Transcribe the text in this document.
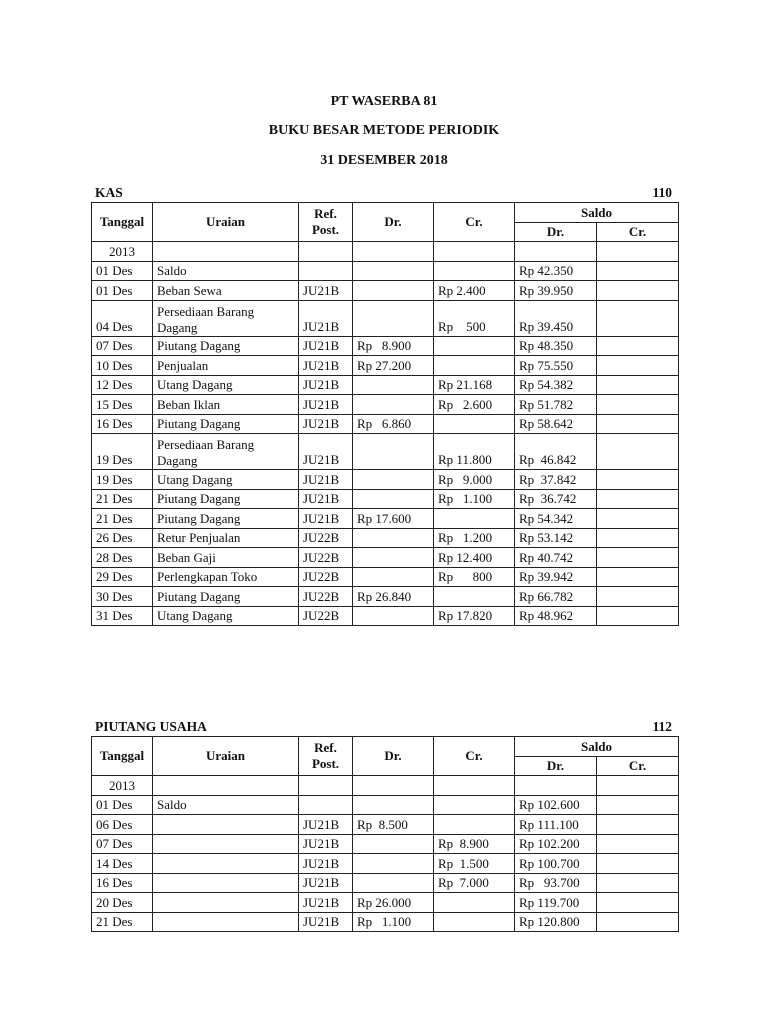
PT WASERBA 81
BUKU BESAR METODE PERIODIK
31 DESEMBER 2018
KAS	110
Tanggal	Uraian	Ref. Post.	Dr.	Cr.	Saldo	
					Dr.	Cr.
2013						
01 Des	Saldo				Rp 42.350	
01 Des	Beban Sewa	JU21B		Rp 2.400	Rp 39.950	
04 Des	Persediaan Barang Dagang	JU21B		Rp    500	Rp 39.450	
07 Des	Piutang Dagang	JU21B	Rp   8.900		Rp 48.350	
10 Des	Penjualan	JU21B	Rp 27.200		Rp 75.550	
12 Des	Utang Dagang	JU21B		Rp 21.168	Rp 54.382	
15 Des	Beban Iklan	JU21B		Rp   2.600	Rp 51.782	
16 Des	Piutang Dagang	JU21B	Rp   6.860		Rp 58.642	
19 Des	Persediaan Barang Dagang	JU21B		Rp 11.800	Rp  46.842	
19 Des	Utang Dagang	JU21B		Rp   9.000	Rp  37.842	
21 Des	Piutang Dagang	JU21B		Rp   1.100	Rp  36.742	
21 Des	Piutang Dagang	JU21B	Rp 17.600		Rp 54.342	
26 Des	Retur Penjualan	JU22B		Rp   1.200	Rp 53.142	
28 Des	Beban Gaji	JU22B		Rp 12.400	Rp 40.742	
29 Des	Perlengkapan Toko	JU22B		Rp      800	Rp 39.942	
30 Des	Piutang Dagang	JU22B	Rp 26.840		Rp 66.782	
31 Des	Utang Dagang	JU22B		Rp 17.820	Rp 48.962	
PIUTANG USAHA	112
Tanggal	Uraian	Ref. Post.	Dr.	Cr.	Saldo	
					Dr.	Cr.
2013						
01 Des	Saldo				Rp 102.600	
06 Des		JU21B	Rp  8.500		Rp 111.100	
07 Des		JU21B		Rp  8.900	Rp 102.200	
14 Des		JU21B		Rp  1.500	Rp 100.700	
16 Des		JU21B		Rp  7.000	Rp   93.700	
20 Des		JU21B	Rp 26.000		Rp 119.700	
21 Des		JU21B	Rp   1.100		Rp 120.800	
